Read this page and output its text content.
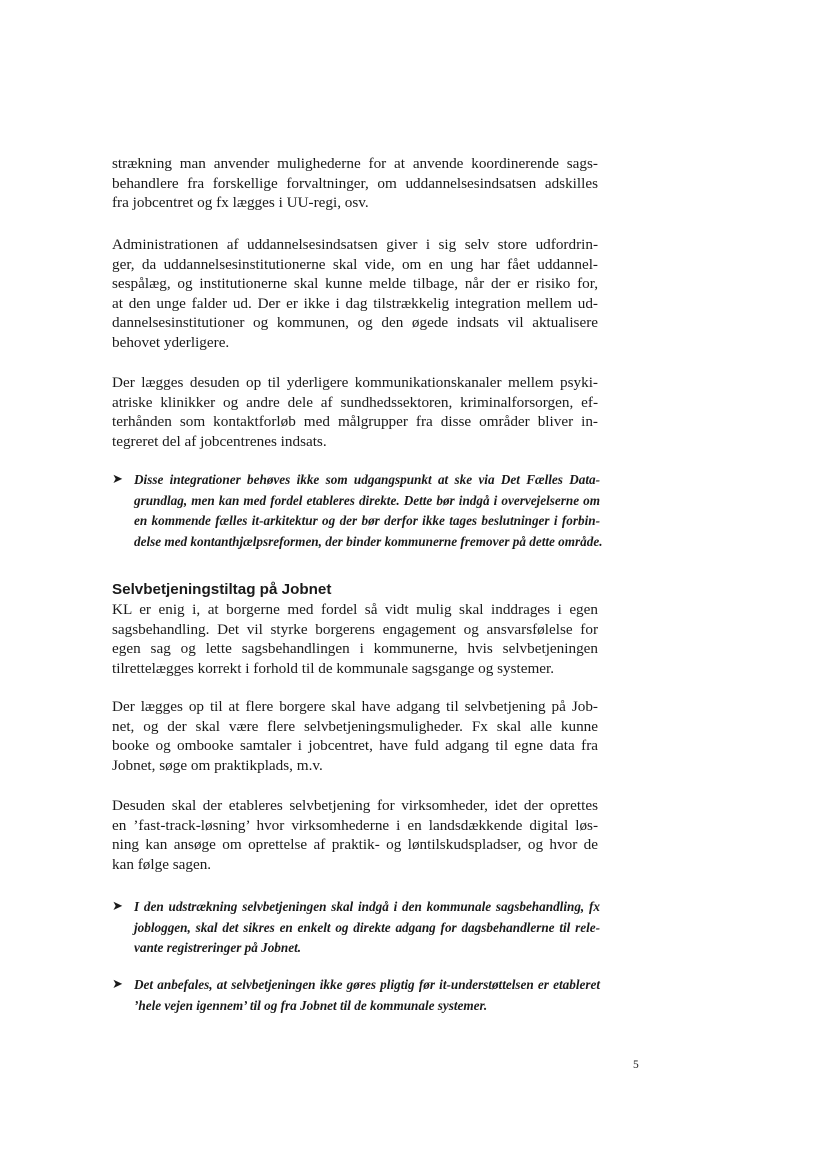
strækning man anvender mulighederne for at anvende koordinerende sags-
behandlere fra forskellige forvaltninger, om uddannelsesindsatsen adskilles
fra jobcentret og fx lægges i UU-regi, osv.
Administrationen af uddannelsesindsatsen giver i sig selv store udfordrin-
ger, da uddannelsesinstitutionerne skal vide, om en ung har fået uddannel-
sespålæg, og institutionerne skal kunne melde tilbage, når der er risiko for,
at den unge falder ud. Der er ikke i dag tilstrækkelig integration mellem ud-
dannelsesinstitutioner og kommunen, og den øgede indsats vil aktualisere
behovet yderligere.
Der lægges desuden op til yderligere kommunikationskanaler mellem psyki-
atriske klinikker og andre dele af sundhedssektoren, kriminalforsorgen, ef-
terhånden som kontaktforløb med målgrupper fra disse områder bliver in-
tegreret del af jobcentrenes indsats.
➤ Disse integrationer behøves ikke som udgangspunkt at ske via Det Fælles Data-
grundlag, men kan med fordel etableres direkte. Dette bør indgå i overvejelserne om
en kommende fælles it-arkitektur og der bør derfor ikke tages beslutninger i forbin-
delse med kontanthjælpsreformen, der binder kommunerne fremover på dette område.
Selvbetjeningstiltag på Jobnet
KL er enig i, at borgerne med fordel så vidt mulig skal inddrages i egen
sagsbehandling. Det vil styrke borgerens engagement og ansvarsfølelse for
egen sag og lette sagsbehandlingen i kommunerne, hvis selvbetjeningen
tilrettelægges korrekt i forhold til de kommunale sagsgange og systemer.
Der lægges op til at flere borgere skal have adgang til selvbetjening på Job-
net, og der skal være flere selvbetjeningsmuligheder. Fx skal alle kunne
booke og ombooke samtaler i jobcentret, have fuld adgang til egne data fra
Jobnet, søge om praktikplads, m.v.
Desuden skal der etableres selvbetjening for virksomheder, idet der oprettes
en ’fast-track-løsning’ hvor virksomhederne i en landsdækkende digital løs-
ning kan ansøge om oprettelse af praktik- og løntilskudspladser, og hvor de
kan følge sagen.
➤ I den udstrækning selvbetjeningen skal indgå i den kommunale sagsbehandling, fx
jobloggen, skal det sikres en enkelt og direkte adgang for dagsbehandlerne til rele-
vante registreringer på Jobnet.
➤ Det anbefales, at selvbetjeningen ikke gøres pligtig før it-understøttelsen er etableret
’hele vejen igennem’ til og fra Jobnet til de kommunale systemer.
5
